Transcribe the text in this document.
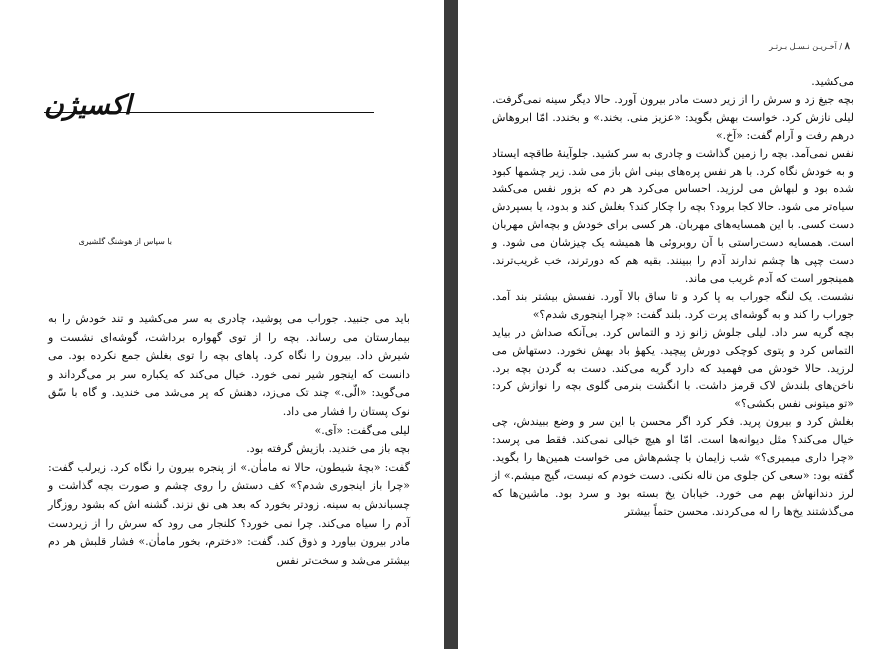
اکسیژن
با سپاس از هوشنگ گلشیری

باید می جنبید. جوراب می پوشید، چادری به سر می‌کشید و تند خودش را به بیمارستان می رساند. بچه را از توی گهواره برداشت، گوشه‌ای نشست و شیرش داد. بیرون را نگاه کرد. پاهای بچه را توی بغلش جمع نکرده بود. می دانست که اینجور شیر نمی خورد. خیال می‌کند که یکباره سر بر می‌گرداند و می‌گوید: «الّی.» چند تک می‌زد، دهنش که پر می‌شد می خندید. و گاه با سّق نوک پستان را فشار می داد.

لیلی می‌گفت: «آی.»

بچه باز می خندید. بازیش گرفته بود.

گفت: «بچهٔ شیطون، حالا نه ماماٰن.» از پنجره بیرون را نگاه کرد. زیرلب گفت: «چرا باز اینجوری شدم؟» کف دستش را روی چشم و صورت بچه گذاشت و چسباندش به سینه. زودتر بخورد که بعد هی نق نزند. گشنه اش که بشود روزگار آدم را سیاه می‌کند. چرا نمی خورد؟ کلنجار می رود که سرش را از زیردست مادر بیرون بیاورد و ذوق کند. گفت: «دخترم، بخور ماماٰن.» فشار قلبش هر دم بیشتر می‌شد و سخت‌تر نفس

۸ / آخـریـن نـسـل بـرتـر

می‌کشید.

بچه جیغ زد و سرش را از زیر دست مادر بیرون آورد. حالا دیگر سینه نمی‌گرفت. لیلی نازش کرد. خواست بهش بگوید: «عزیز منی. بخند.» و بخندد. امّا ابروهاش درهم رفت و آرام گفت: «آخ.»

نفس نمی‌آمد. بچه را زمین گذاشت و چادری به سر کشید. جلوآینهٔ طاقچه ایستاد و به خودش نگاه کرد. با هر نفس پره‌های بینی اش باز می شد. زیر چشمها کبود شده بود و لبهاش می لرزید. احساس می‌کرد هر دم که بزور نفس می‌کشد سیاه‌تر می شود. حالا کجا برود؟ بچه را چکار کند؟ بغلش کند و بدود، یا بسپردش دست کسی. با این همسایه‌های مهربان. هر کسی برای خودش و بچه‌اش مهربان است. همسایه دست‌راستی با آن روبروئی ها همیشه یک چیزشان می شود. و دست چپی ها چشم ندارند آدم را ببینند. بقیه هم که دورترند، خب غریب‌ترند. همینجور است که آدم غریب می ماند.

نشست. یک لنگه جوراب به پا کرد و تا ساق بالا آورد. نفسش بیشتر بند آمد. جوراب را کند و به گوشه‌ای پرت کرد. بلند گفت: «چرا اینجوری شدم؟»

بچه گریه سر داد. لیلی جلوش زانو زد و التماس کرد. بی‌آنکه صداش در بیاید التماس کرد و پتوی کوچکی دورش پیچید. یکهوٰ باد بهش نخورد. دستهاش می لرزید. حالا خودش می فهمید که دارد گریه می‌کند. دست به گردن بچه برد. ناخن‌های بلندش لاک قرمز داشت. با انگشت بنرمی گلوی بچه را نوازش کرد: «تو میتونی نفس بکشی؟»

بغلش کرد و بیرون پرید. فکر کرد اگر محسن با این سر و وضع ببیندش، چی خیال می‌کند؟ مثل دیوانه‌ها است. امّا او هیچ خیالی نمی‌کند. فقط می پرسد: «چرا داری میمیری؟» شب زایمان با چشم‌هاش می خواست همین‌ها را بگوید. گفته بود: «سعی کن جلوی من ناله نکنی. دست خودم که نیست، گیج میشم.» از لرز دندانهاش بهم می خورد. خیابان یخ بسته بود و سرد بود. ماشین‌ها که می‌گذشتند یخ‌ها را له می‌کردند. محسن حتماً بیشتر
